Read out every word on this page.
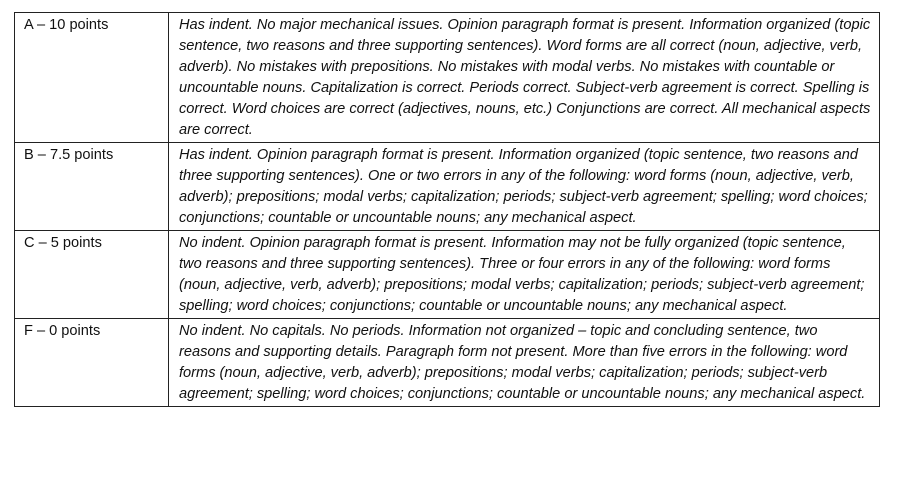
A – 10 points	Has indent. No major mechanical issues. Opinion paragraph format is present. Information organized (topic sentence, two reasons and three supporting sentences). Word forms are all correct (noun, adjective, verb, adverb). No mistakes with prepositions. No mistakes with modal verbs. No mistakes with countable or uncountable nouns. Capitalization is correct. Periods correct. Subject-verb agreement is correct. Spelling is correct. Word choices are correct (adjectives, nouns, etc.) Conjunctions are correct. All mechanical aspects are correct.
B – 7.5 points	Has indent. Opinion paragraph format is present. Information organized (topic sentence, two reasons and three supporting sentences). One or two errors in any of the following: word forms (noun, adjective, verb, adverb); prepositions; modal verbs; capitalization; periods; subject-verb agreement; spelling; word choices; conjunctions; countable or uncountable nouns; any mechanical aspect.
C – 5 points	No indent. Opinion paragraph format is present. Information may not be fully organized (topic sentence, two reasons and three supporting sentences). Three or four errors in any of the following: word forms (noun, adjective, verb, adverb); prepositions; modal verbs; capitalization; periods; subject-verb agreement; spelling; word choices; conjunctions; countable or uncountable nouns; any mechanical aspect.
F – 0 points	No indent. No capitals. No periods. Information not organized – topic and concluding sentence, two reasons and supporting details. Paragraph form not present. More than five errors in the following: word forms (noun, adjective, verb, adverb); prepositions; modal verbs; capitalization; periods; subject-verb agreement; spelling; word choices; conjunctions; countable or uncountable nouns; any mechanical aspect.
